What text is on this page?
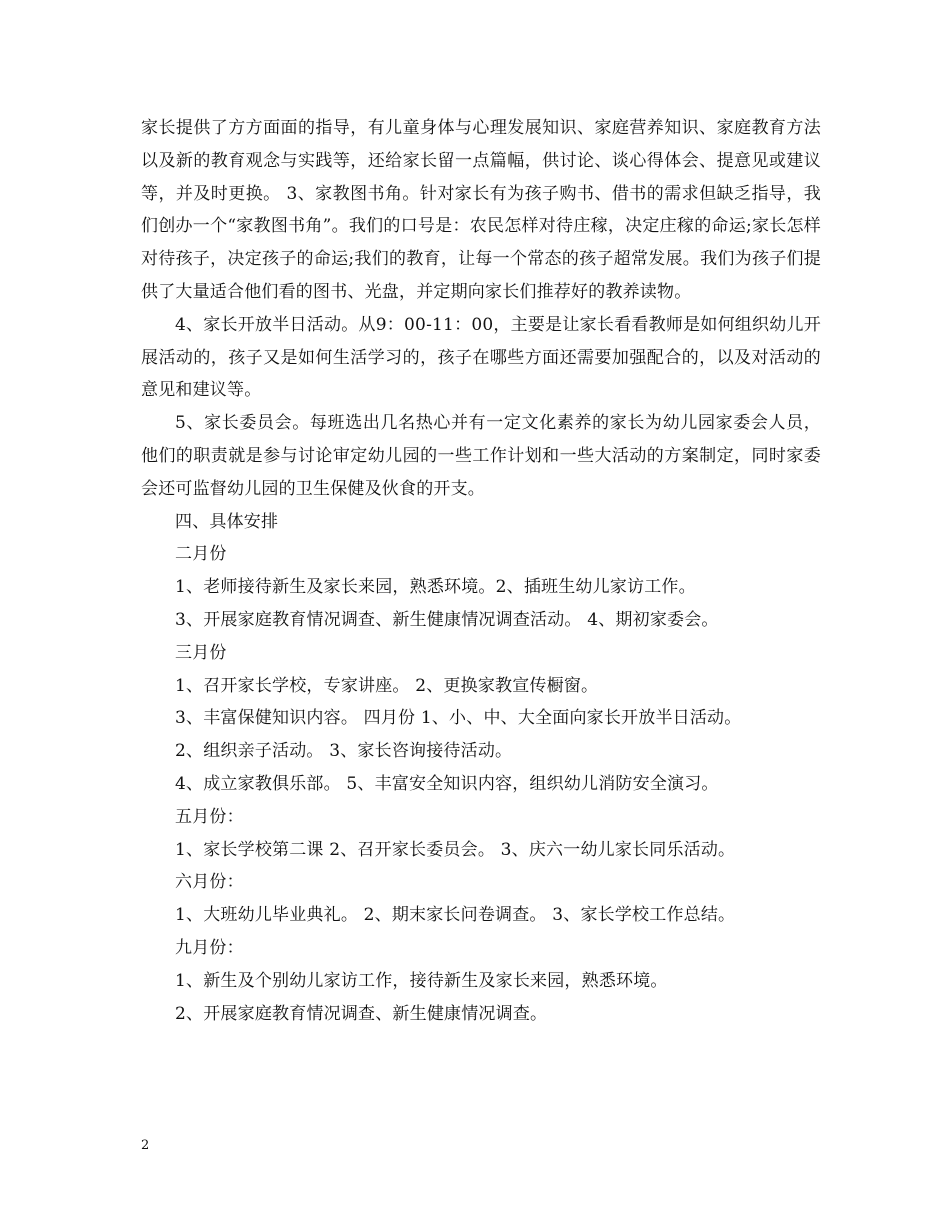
家长提供了方方面面的指导，有儿童身体与心理发展知识、家庭营养知识、家庭教育方法以及新的教育观念与实践等，还给家长留一点篇幅，供讨论、谈心得体会、提意见或建议等，并及时更换。 3、家教图书角。针对家长有为孩子购书、借书的需求但缺乏指导，我们创办一个“家教图书角”。我们的口号是：农民怎样对待庄稼，决定庄稼的命运;家长怎样对待孩子，决定孩子的命运;我们的教育，让每一个常态的孩子超常发展。我们为孩子们提供了大量适合他们看的图书、光盘，并定期向家长们推荐好的教养读物。

4、家长开放半日活动。从9：00-11：00，主要是让家长看看教师是如何组织幼儿开展活动的，孩子又是如何生活学习的，孩子在哪些方面还需要加强配合的，以及对活动的意见和建议等。

5、家长委员会。每班选出几名热心并有一定文化素养的家长为幼儿园家委会人员，他们的职责就是参与讨论审定幼儿园的一些工作计划和一些大活动的方案制定，同时家委会还可监督幼儿园的卫生保健及伙食的开支。

四、具体安排

二月份

1、老师接待新生及家长来园，熟悉环境。2、插班生幼儿家访工作。

3、开展家庭教育情况调查、新生健康情况调查活动。 4、期初家委会。

三月份

1、召开家长学校，专家讲座。 2、更换家教宣传橱窗。

3、丰富保健知识内容。 四月份 1、小、中、大全面向家长开放半日活动。

2、组织亲子活动。 3、家长咨询接待活动。

4、成立家教俱乐部。 5、丰富安全知识内容，组织幼儿消防安全演习。

五月份：

1、家长学校第二课 2、召开家长委员会。 3、庆六一幼儿家长同乐活动。

六月份：

1、大班幼儿毕业典礼。 2、期末家长问卷调查。 3、家长学校工作总结。

九月份：

1、新生及个别幼儿家访工作，接待新生及家长来园，熟悉环境。

2、开展家庭教育情况调查、新生健康情况调查。

2
